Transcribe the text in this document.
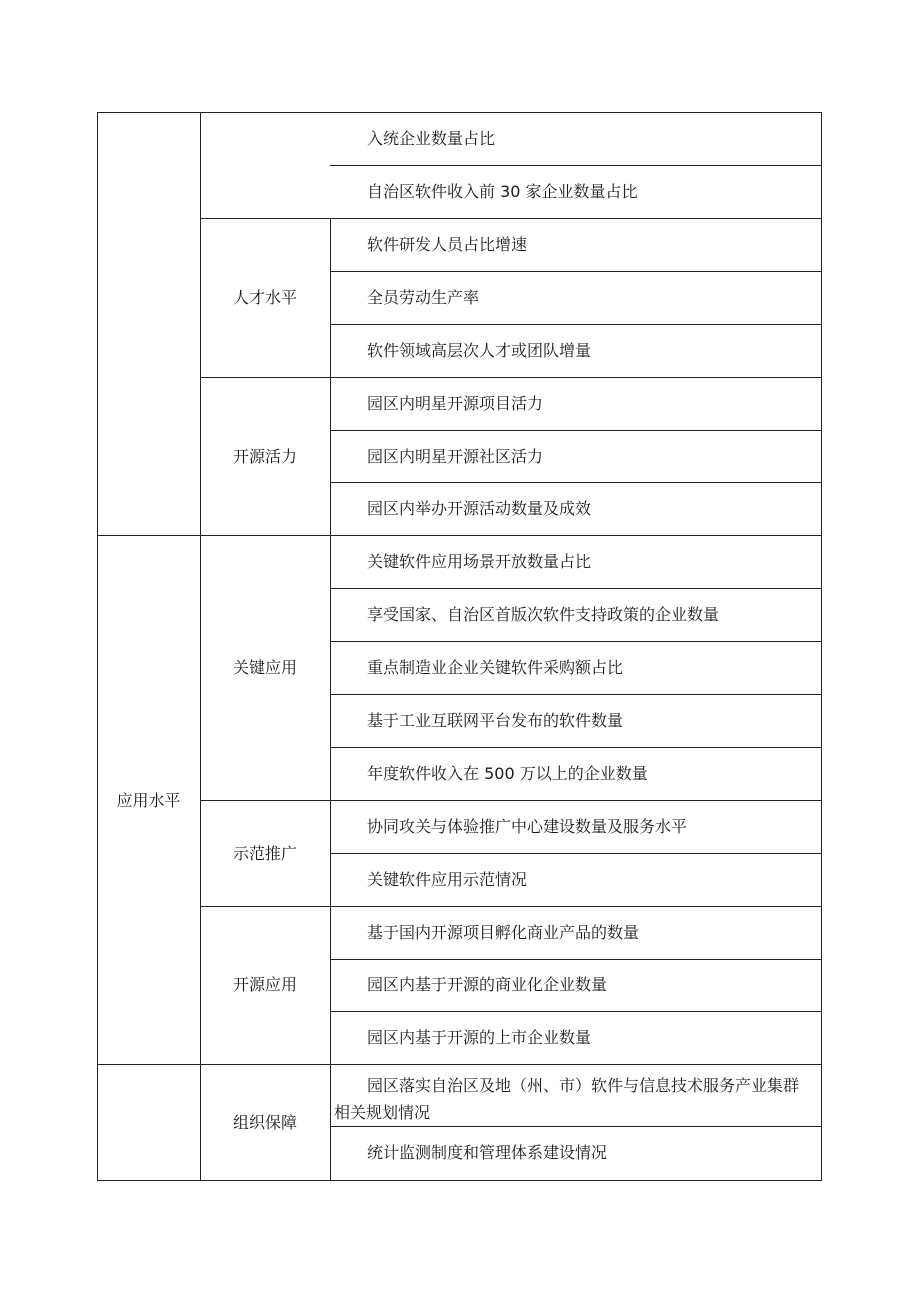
应用水平
人才水平
开源活力
关键应用
示范推广
开源应用
组织保障
入统企业数量占比
自治区软件收入前 30 家企业数量占比
软件研发人员占比增速
全员劳动生产率
软件领域高层次人才或团队增量
园区内明星开源项目活力
园区内明星开源社区活力
园区内举办开源活动数量及成效
关键软件应用场景开放数量占比
享受国家、自治区首版次软件支持政策的企业数量
重点制造业企业关键软件采购额占比
基于工业互联网平台发布的软件数量
年度软件收入在 500 万以上的企业数量
协同攻关与体验推广中心建设数量及服务水平
关键软件应用示范情况
基于国内开源项目孵化商业产品的数量
园区内基于开源的商业化企业数量
园区内基于开源的上市企业数量
园区落实自治区及地（州、市）软件与信息技术服务产业集群相关规划情况
统计监测制度和管理体系建设情况
